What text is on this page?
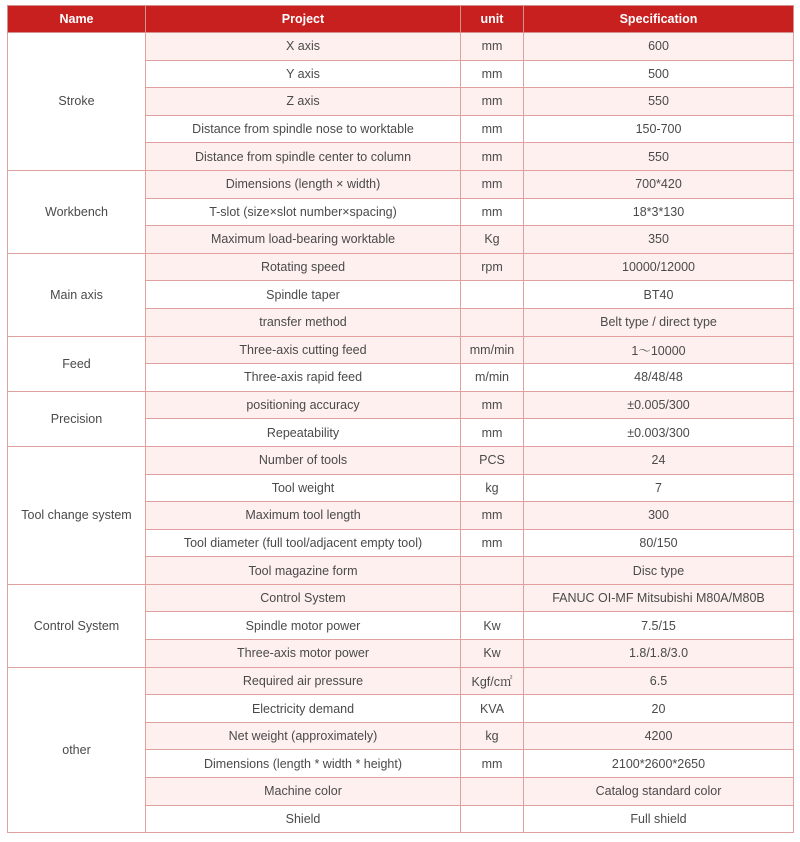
Name	Project	unit	Specification
Stroke	X axis	mm	600
	Y axis	mm	500
	Z axis	mm	550
	Distance from spindle nose to worktable	mm	150-700
	Distance from spindle center to column	mm	550
Workbench	Dimensions (length × width)	mm	700*420
	T-slot (size×slot number×spacing)	mm	18*3*130
	Maximum load-bearing worktable	Kg	350
Main axis	Rotating speed	rpm	10000/12000
	Spindle taper		BT40
	transfer method		Belt type / direct type
Feed	Three-axis cutting feed	mm/min	1～10000
	Three-axis rapid feed	m/min	48/48/48
Precision	positioning accuracy	mm	±0.005/300
	Repeatability	mm	±0.003/300
Tool change system	Number of tools	PCS	24
	Tool weight	kg	7
	Maximum tool length	mm	300
	Tool diameter (full tool/adjacent empty tool)	mm	80/150
	Tool magazine form		Disc type
Control System	Control System		FANUC OI-MF Mitsubishi M80A/M80B
	Spindle motor power	Kw	7.5/15
	Three-axis motor power	Kw	1.8/1.8/3.0
other	Required air pressure	Kgf/c㎡	6.5
	Electricity demand	KVA	20
	Net weight (approximately)	kg	4200
	Dimensions (length * width * height)	mm	2100*2600*2650
	Machine color		Catalog standard color
	Shield		Full shield
